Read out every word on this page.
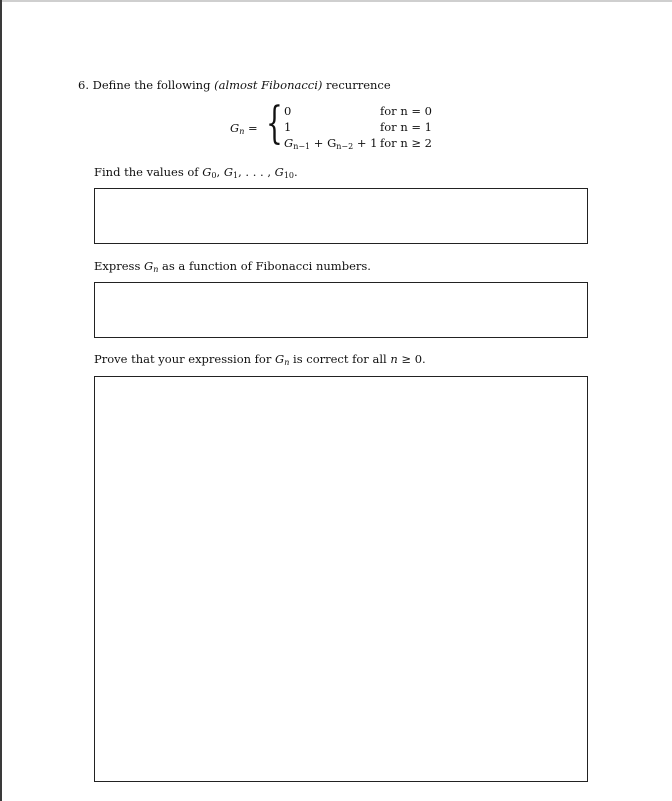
6. Define the following (almost Fibonacci) recurrence
$G_n$ = { 0
1
$G_{n-1} + G_{n-2} + 1$
for n = 0
for n = 1
for n ≥ 2
Find the values of $G_0$, $G_1$, . . . , $G_{10}$.
Express $G_n$ as a function of Fibonacci numbers.
Prove that your expression for $G_n$ is correct for all n ≥ 0.
